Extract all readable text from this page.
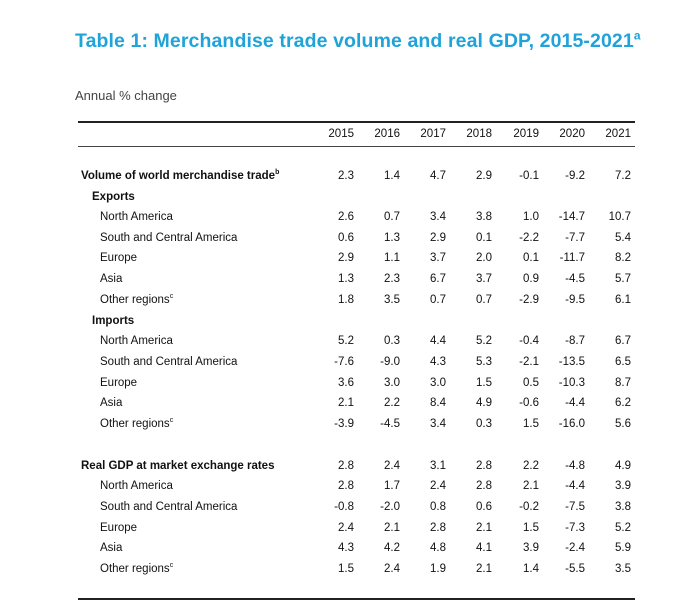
Table 1: Merchandise trade volume and real GDP, 2015-2021$^a$
Annual % change
2015	2016	2017	2018	2019	2020	2021
Volume of world merchandise trade$^b$	2.3	1.4	4.7	2.9	-0.1	-9.2	7.2
Exports
North America	2.6	0.7	3.4	3.8	1.0	-14.7	10.7
South and Central America	0.6	1.3	2.9	0.1	-2.2	-7.7	5.4
Europe	2.9	1.1	3.7	2.0	0.1	-11.7	8.2
Asia	1.3	2.3	6.7	3.7	0.9	-4.5	5.7
Other regions$^c$	1.8	3.5	0.7	0.7	-2.9	-9.5	6.1
Imports
North America	5.2	0.3	4.4	5.2	-0.4	-8.7	6.7
South and Central America	-7.6	-9.0	4.3	5.3	-2.1	-13.5	6.5
Europe	3.6	3.0	3.0	1.5	0.5	-10.3	8.7
Asia	2.1	2.2	8.4	4.9	-0.6	-4.4	6.2
Other regions$^c$	-3.9	-4.5	3.4	0.3	1.5	-16.0	5.6
Real GDP at market exchange rates	2.8	2.4	3.1	2.8	2.2	-4.8	4.9
North America	2.8	1.7	2.4	2.8	2.1	-4.4	3.9
South and Central America	-0.8	-2.0	0.8	0.6	-0.2	-7.5	3.8
Europe	2.4	2.1	2.8	2.1	1.5	-7.3	5.2
Asia	4.3	4.2	4.8	4.1	3.9	-2.4	5.9
Other regions$^c$	1.5	2.4	1.9	2.1	1.4	-5.5	3.5
